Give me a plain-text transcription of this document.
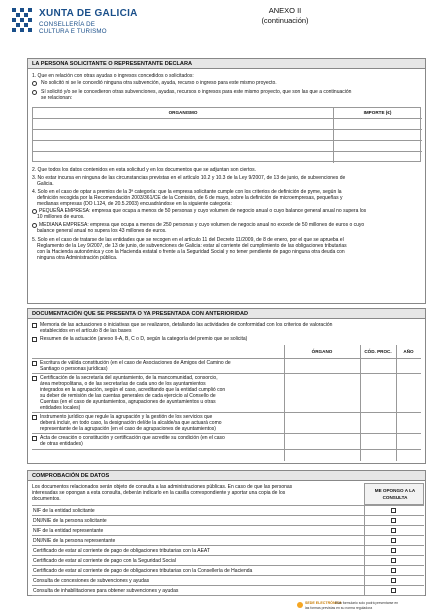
XUNTA DE GALICIA
CONSELLERÍA DE
CULTURA E TURISMO
ANEXO II
(continuación)
LA PERSONA SOLICITANTE O REPRESENTANTE DECLARA
1. Que en relación con otras ayudas o ingresos concedidos o solicitados:
No solicitó ni se le concedió ninguna otra subvención, ayuda, recurso o ingreso para este mismo proyecto.
Sí solicitó y/o se le concedieron otras subvenciones, ayudas, recursos o ingresos para este mismo proyecto, que son las que a continuación
se relacionan:
ORGANISMO	IMPORTE (€)
2. Que todos los datos contenidos en esta solicitud y en los documentos que se adjuntan son ciertos.
3. No estar incursa en ninguna de las circunstancias previstas en el artículo 10.2 y 10.3 de la Ley 9/2007, de 13 de junio, de subvenciones de
Galicia.
4. Solo en el caso de optar a premios de la 3ª categoría: que la empresa solicitante cumple con los criterios de definición de pyme, según la
definición recogida por la Recomendación 2003/361/CE de la Comisión, de 6 de mayo, sobre la definición de microempresas, pequeñas y
medianas empresas (DO L124, de 20.5.2003) encuadrándose en la siguiente categoría:
PEQUEÑA EMPRESA: empresa que ocupa a menos de 50 personas y cuyo volumen de negocio anual o cuyo balance general anual no supera los
10 millones de euros.
MEDIANA EMPRESA: empresa que ocupa a menos de 250 personas y cuyo volumen de negocio anual no excede de 50 millones de euros o cuyo
balance general anual no supera los 43 millones de euros.
5. Solo en el caso de tratarse de las entidades que se recogen en el artículo 11 del Decreto 11/2009, de 8 de enero, por el que se aprueba el
Reglamento de la Ley 9/2007, de 13 de junio, de subvenciones de Galicia: estar al corriente del cumplimiento de las obligaciones tributarias
con la Hacienda autonómica y con la Hacienda estatal o frente a la Seguridad Social y no tener pendiente de pago ninguna otra deuda con
ninguna otra Administración pública.
DOCUMENTACIÓN QUE SE PRESENTA O YA PRESENTADA CON ANTERIORIDAD
Memoria de las actuaciones o iniciativas que se realizaron, detallando las actividades de conformidad con los criterios de valoración
establecidos en el artículo 8 de las bases
Resumen de la actuación (anexo II-A, B, C o D, según la categoría del premio que se solicita)
ÓRGANO	CÓD. PROC.	AÑO
Escritura de válida constitución (en el caso de Asociaciones de Amigos del Camino de
Santiago o personas jurídicas)
Certificación de la secretaría del ayuntamiento, de la mancomunidad, consorcio,
área metropolitana, o de las secretarías de cada uno de los ayuntamientos
integrados en la agrupación, según el caso, acreditando que la entidad cumplió con
su deber de remisión de las cuentas generales de cada ejercicio al Consello de
Cuentas (en el caso de ayuntamientos, agrupaciones de ayuntamientos u otras
entidades locales)
Instrumento jurídico que regule la agrupación y la gestión de los servicios que
deberá incluir, en todo caso, la designación del/de la alcalde/sa que actuará como
representante de la agrupación (en el caso de agrupaciones de ayuntamientos)
Acta de creación o constitución y certificación que acredite su condición (en el caso
de otras entidades)
COMPROBACIÓN DE DATOS
Los documentos relacionados serán objeto de consulta a las administraciones públicas. En caso de que las personas
interesadas se opongan a esta consulta, deberán indicarlo en la casilla correspondiente y aportar una copia de los
documentos.
ME OPONGO A LA
CONSULTA
NIF de la entidad solicitante
DNI/NIE de la persona solicitante
NIF de la entidad representante
DNI/NIE de la persona representante
Certificado de estar al corriente de pago de obligaciones tributarias con la AEAT
Certificado de estar al corriente de pago con la Seguridad Social
Certificado de estar al corriente de pago de obligaciones tributarias con la Consellería de Hacienda
Consulta de concesiones de subvenciones y ayudas
Consulta de inhabilitaciones para obtener subvenciones y ayudas
SEDE ELECTRÓNICA
Este formulario solo podrá presentarse en
las formas previstas en su norma reguladora
